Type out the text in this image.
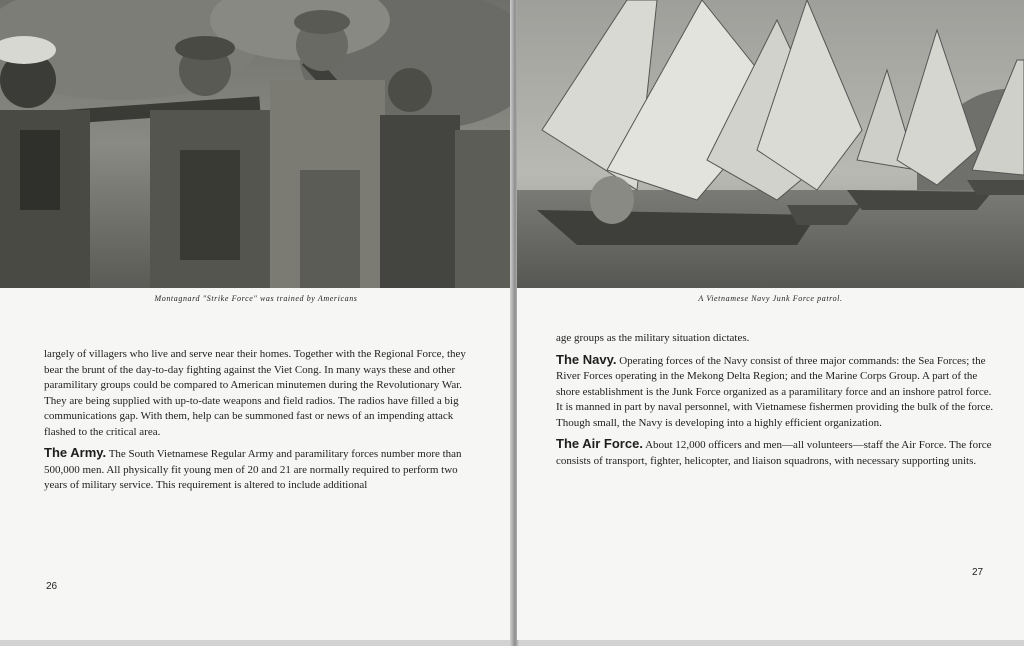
Montagnard "Strike Force" was trained by Americans

largely of villagers who live and serve near their homes. Together with the Regional Force, they bear the brunt of the day-to-day fighting against the Viet Cong. In many ways these and other paramilitary groups could be compared to American minutemen during the Revolutionary War. They are being supplied with up-to-date weapons and field radios. The radios have filled a big communications gap. With them, help can be summoned fast or news of an impending attack flashed to the critical area.

The Army. The South Vietnamese Regular Army and paramilitary forces number more than 500,000 men. All physically fit young men of 20 and 21 are normally required to perform two years of military service. This requirement is altered to include additional

26
A Vietnamese Navy Junk Force patrol.

age groups as the military situation dictates.

The Navy. Operating forces of the Navy consist of three major commands: the Sea Forces; the River Forces operating in the Mekong Delta Region; and the Marine Corps Group. A part of the shore establishment is the Junk Force organized as a paramilitary force and an inshore patrol force. It is manned in part by naval personnel, with Vietnamese fishermen providing the bulk of the force. Though small, the Navy is developing into a highly efficient organization.

The Air Force. About 12,000 officers and men—all volunteers—staff the Air Force. The force consists of transport, fighter, helicopter, and liaison squadrons, with necessary supporting units.

27
